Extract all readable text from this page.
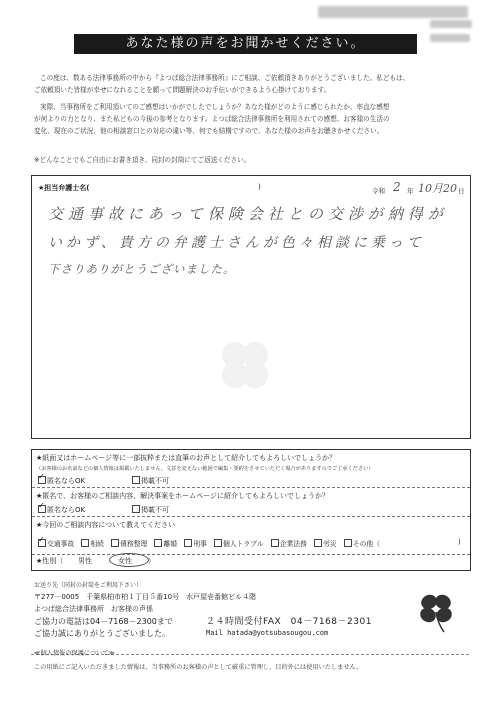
あなた様の声をお聞かせください。
この度は、数ある法律事務所の中から『よつば総合法律事務所』にご相談、ご依頼頂きありがとうございました。私どもは、
ご依頼頂いた皆様が幸せになれることを願って問題解決のお手伝いができるよう心掛けております。
実際、当事務所をご利用頂いてのご感想はいかがでしたでしょうか？あなた様がどのように感じられたか、率直な感想
が何よりの力となり、また私どもの今後の参考となります。よつば総合法律事務所を利用されての感想、お客様の生活の
変化、現在のご状況、他の相談窓口との対応の違い等、何でも結構ですので、あなた様のお声をお聴きかせください。
※どんなことでもご自由にお書き頂き、同封の封筒にてご返送ください。
★担当弁護士名(	)	令和 2 年 10月20 日
交通事故にあって保険会社との交渉が納得が
いかず、貴方の弁護士さんが色々相談に乗って
下さりありがとうございました。
★紙面又はホームページ等に一部抜粋または直筆のお声として紹介してもよろしいでしょうか？
（お客様のお名前などの個人情報は掲載いたしません。文意を変えない範囲で編集・要約をさせていただく場合がありますのでご了承ください）
✓匿名ならOK	掲載不可
★匿名で、お客様のご相談内容、解決事案をホームページに紹介してもよろしいでしょうか？
✓匿名ならOK	掲載不可
★今回のご相談内容について教えてください
✓交通事故 相続 債務整理 離婚 刑事 個人トラブル 企業法務 労災 その他（	)
★性別（ 男性	女性 ）
お送り先（同封の封筒をご利用下さい）
〒277－0005　千葉県柏市柏１丁目５番10号　水戸屋壱番館ビル４階
よつば総合法律事務所　お客様の声係
ご協力の電話は04－7168－2300まで	２４時間受付FAX　04－7168－2301
ご協力誠にありがとうございました。	Mail hatada@yotsubasougou.com
≪個人情報の保護について≫
この用紙にご記入いただきました情報は、当事務所のお客様の声として厳重に管理し、目的外には使用いたしません。
